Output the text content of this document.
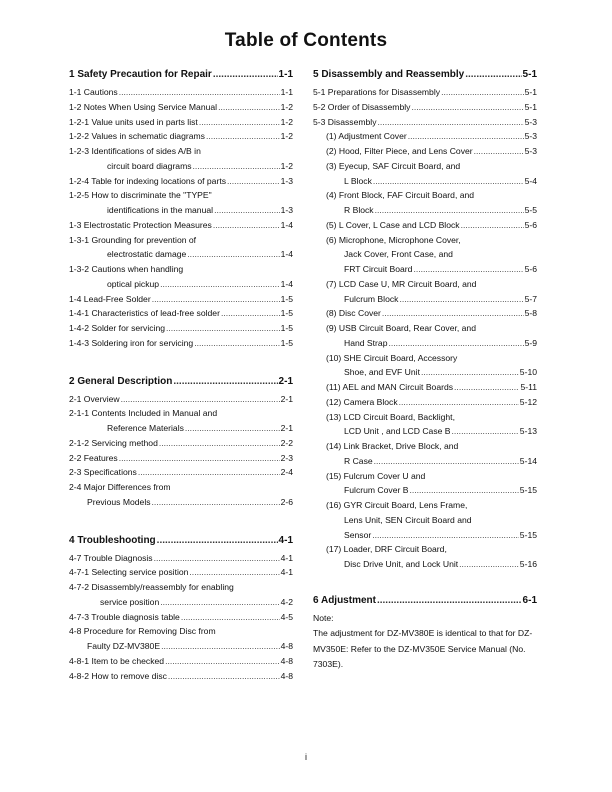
Table of Contents
1 Safety Precaution for Repair .....	1-1
1-1 Cautions .....	1-1
1-2 Notes When Using Service Manual .....	1-2
1-2-1 Value units used in parts list .....	1-2
1-2-2 Values in schematic diagrams .....	1-2
1-2-3 Identifications of sides A/B in
circuit board diagrams .....	1-2
1-2-4 Table for indexing locations of parts .....	1-3
1-2-5 How to discriminate the "TYPE"
identifications in the manual .....	1-3
1-3 Electrostatic Protection Measures .....	1-4
1-3-1 Grounding for prevention of
electrostatic damage .....	1-4
1-3-2 Cautions when handling
optical pickup .....	1-4
1-4 Lead-Free Solder .....	1-5
1-4-1 Characteristics of lead-free solder .....	1-5
1-4-2 Solder for servicing .....	1-5
1-4-3 Soldering iron for servicing .....	1-5
2 General Description .....	2-1
2-1 Overview .....	2-1
2-1-1 Contents Included in Manual and
Reference Materials .....	2-1
2-1-2 Servicing method .....	2-2
2-2 Features .....	2-3
2-3 Specifications .....	2-4
2-4 Major Differences from
Previous Models .....	2-6
4 Troubleshooting .....	4-1
4-7 Trouble Diagnosis .....	4-1
4-7-1 Selecting service position .....	4-1
4-7-2 Disassembly/reassembly for enabling
service position .....	4-2
4-7-3 Trouble diagnosis table .....	4-5
4-8 Procedure for Removing Disc from
Faulty DZ-MV380E .....	4-8
4-8-1 Item to be checked .....	4-8
4-8-2 How to remove disc .....	4-8
5 Disassembly and Reassembly .....	5-1
5-1 Preparations for Disassembly .....	5-1
5-2 Order of Disassembly .....	5-1
5-3 Disassembly .....	5-3
(1) Adjustment Cover .....	5-3
(2) Hood, Filter Piece, and Lens Cover .....	5-3
(3) Eyecup, SAF Circuit Board, and
L Block .....	5-4
(4) Front Block, FAF Circuit Board, and
R Block .....	5-5
(5) L Cover, L Case and LCD Block .....	5-6
(6) Microphone, Microphone Cover,
Jack Cover, Front Case, and
FRT Circuit Board .....	5-6
(7) LCD Case U, MR Circuit Board, and
Fulcrum Block .....	5-7
(8) Disc Cover .....	5-8
(9) USB Circuit Board, Rear Cover, and
Hand Strap .....	5-9
(10) SHE Circuit Board, Accessory
Shoe, and EVF Unit .....	5-10
(11) AEL and MAN Circuit Boards .....	5-11
(12) Camera Block .....	5-12
(13) LCD Circuit Board, Backlight,
LCD Unit , and LCD Case B .....	5-13
(14) Link Bracket, Drive Block, and
R Case .....	5-14
(15) Fulcrum Cover U and
Fulcrum Cover B .....	5-15
(16) GYR Circuit Board, Lens Frame,
Lens Unit, SEN Circuit Board and
Sensor .....	5-15
(17) Loader, DRF Circuit Board,
Disc Drive Unit, and Lock Unit .....	5-16
6 Adjustment .....	6-1
Note:
The adjustment for DZ-MV380E is identical to that for DZ-MV350E: Refer to the DZ-MV350E Service Manual (No. 7303E).
i
